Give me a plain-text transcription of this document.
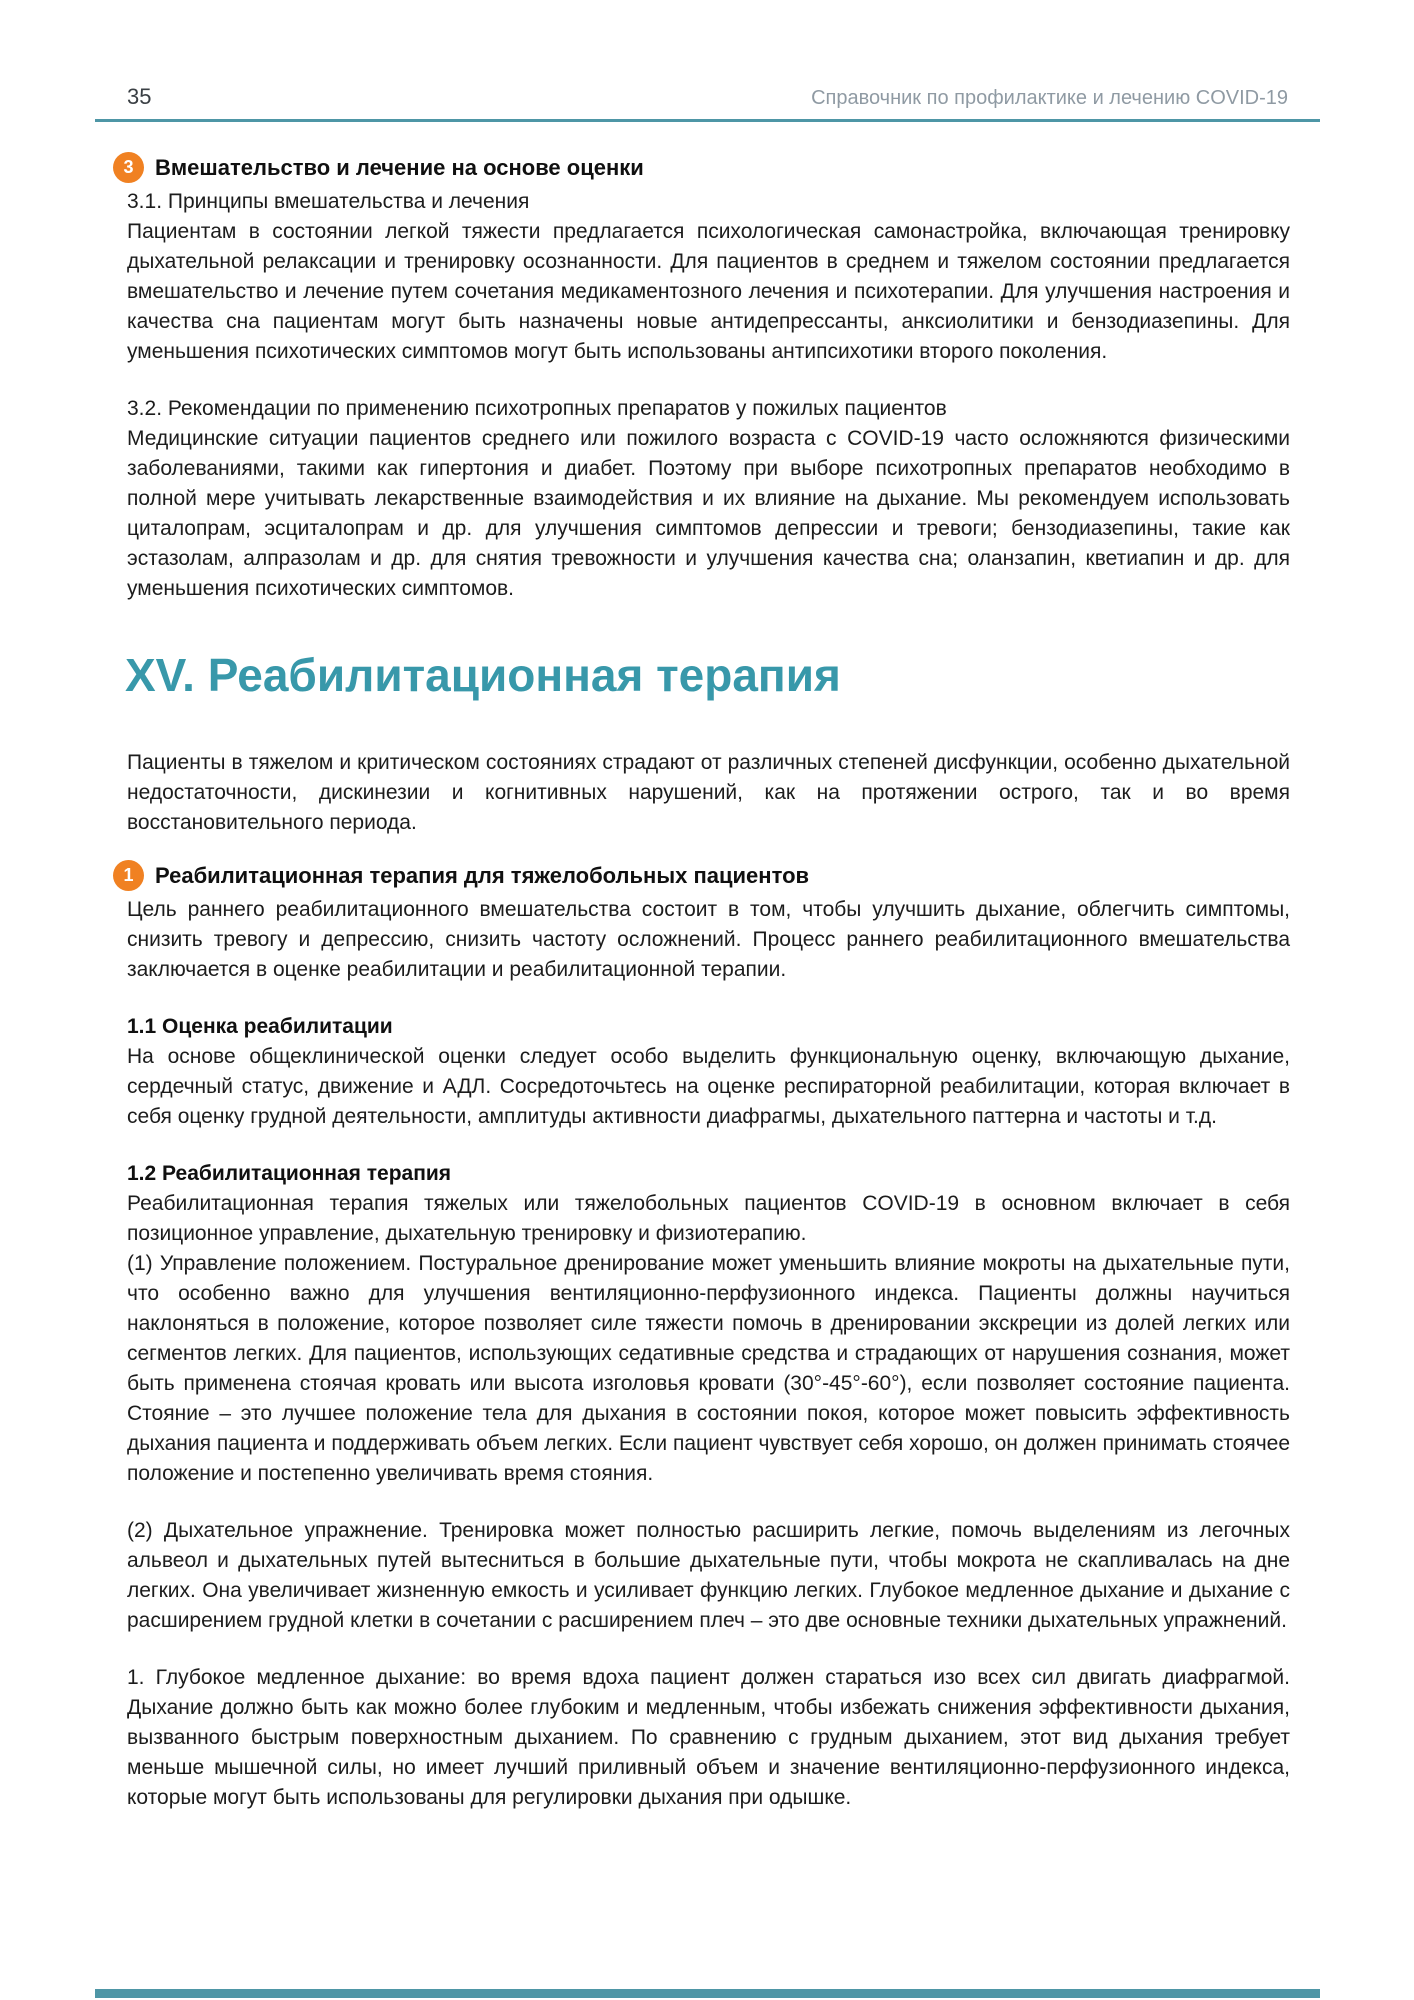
35	Справочник по профилактике и лечению COVID-19
3 Вмешательство и лечение на основе оценки

3.1. Принципы вмешательства и лечения

Пациентам в состоянии легкой тяжести предлагается психологическая самонастройка, включающая тренировку дыхательной релаксации и тренировку осознанности. Для пациентов в среднем и тяжелом состоянии предлагается вмешательство и лечение путем сочетания медикаментозного лечения и психотерапии. Для улучшения настроения и качества сна пациентам могут быть назначены новые антидепрессанты, анксиолитики и бензодиазепины. Для уменьшения психотических симптомов могут быть использованы антипсихотики второго поколения.

3.2. Рекомендации по применению психотропных препаратов у пожилых пациентов

Медицинские ситуации пациентов среднего или пожилого возраста с COVID-19 часто осложняются физическими заболеваниями, такими как гипертония и диабет. Поэтому при выборе психотропных препаратов необходимо в полной мере учитывать лекарственные взаимодействия и их влияние на дыхание. Мы рекомендуем использовать циталопрам, эсциталопрам и др. для улучшения симптомов депрессии и тревоги; бензодиазепины, такие как эстазолам, алпразолам и др. для снятия тревожности и улучшения качества сна; оланзапин, кветиапин и др. для уменьшения психотических симптомов.

XV. Реабилитационная терапия

Пациенты в тяжелом и критическом состояниях страдают от различных степеней дисфункции, особенно дыхательной недостаточности, дискинезии и когнитивных нарушений, как на протяжении острого, так и во время восстановительного периода.

1 Реабилитационная терапия для тяжелобольных пациентов

Цель раннего реабилитационного вмешательства состоит в том, чтобы улучшить дыхание, облегчить симптомы, снизить тревогу и депрессию, снизить частоту осложнений. Процесс раннего реабилитационного вмешательства заключается в оценке реабилитации и реабилитационной терапии.

1.1 Оценка реабилитации

На основе общеклинической оценки следует особо выделить функциональную оценку, включающую дыхание, сердечный статус, движение и АДЛ. Сосредоточьтесь на оценке респираторной реабилитации, которая включает в себя оценку грудной деятельности, амплитуды активности диафрагмы, дыхательного паттерна и частоты и т.д.

1.2 Реабилитационная терапия

Реабилитационная терапия тяжелых или тяжелобольных пациентов COVID-19 в основном включает в себя позиционное управление, дыхательную тренировку и физиотерапию.

(1) Управление положением. Постуральное дренирование может уменьшить влияние мокроты на дыхательные пути, что особенно важно для улучшения вентиляционно-перфузионного индекса. Пациенты должны научиться наклоняться в положение, которое позволяет силе тяжести помочь в дренировании экскреции из долей легких или сегментов легких. Для пациентов, использующих седативные средства и страдающих от нарушения сознания, может быть применена стоячая кровать или высота изголовья кровати (30°-45°-60°), если позволяет состояние пациента. Стояние – это лучшее положение тела для дыхания в состоянии покоя, которое может повысить эффективность дыхания пациента и поддерживать объем легких. Если пациент чувствует себя хорошо, он должен принимать стоячее положение и постепенно увеличивать время стояния.

(2) Дыхательное упражнение. Тренировка может полностью расширить легкие, помочь выделениям из легочных альвеол и дыхательных путей вытесниться в большие дыхательные пути, чтобы мокрота не скапливалась на дне легких. Она увеличивает жизненную емкость и усиливает функцию легких. Глубокое медленное дыхание и дыхание с расширением грудной клетки в сочетании с расширением плеч – это две основные техники дыхательных упражнений.

1. Глубокое медленное дыхание: во время вдоха пациент должен стараться изо всех сил двигать диафрагмой. Дыхание должно быть как можно более глубоким и медленным, чтобы избежать снижения эффективности дыхания, вызванного быстрым поверхностным дыханием. По сравнению с грудным дыханием, этот вид дыхания требует меньше мышечной силы, но имеет лучший приливный объем и значение вентиляционно-перфузионного индекса, которые могут быть использованы для регулировки дыхания при одышке.
